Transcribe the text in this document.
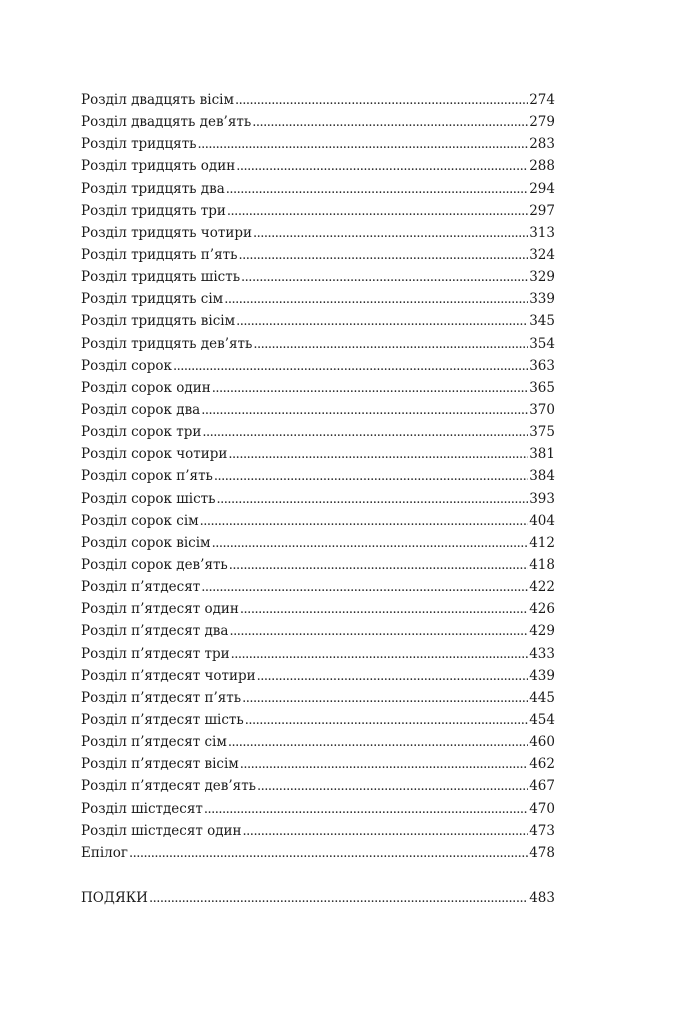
Розділ двадцять вісім .....	274
Розділ двадцять дев’ять .....	279
Розділ тридцять .....	283
Розділ тридцять один .....	288
Розділ тридцять два .....	294
Розділ тридцять три .....	297
Розділ тридцять чотири .....	313
Розділ тридцять п’ять .....	324
Розділ тридцять шість .....	329
Розділ тридцять сім .....	339
Розділ тридцять вісім .....	345
Розділ тридцять дев’ять .....	354
Розділ сорок .....	363
Розділ сорок один .....	365
Розділ сорок два .....	370
Розділ сорок три .....	375
Розділ сорок чотири .....	381
Розділ сорок п’ять .....	384
Розділ сорок шість .....	393
Розділ сорок сім .....	404
Розділ сорок вісім .....	412
Розділ сорок дев’ять .....	418
Розділ п’ятдесят .....	422
Розділ п’ятдесят один .....	426
Розділ п’ятдесят два .....	429
Розділ п’ятдесят три .....	433
Розділ п’ятдесят чотири .....	439
Розділ п’ятдесят п’ять .....	445
Розділ п’ятдесят шість .....	454
Розділ п’ятдесят сім .....	460
Розділ п’ятдесят вісім .....	462
Розділ п’ятдесят дев’ять .....	467
Розділ шістдесят .....	470
Розділ шістдесят один .....	473
Епілог .....	478
ПОДЯКИ .....	483
